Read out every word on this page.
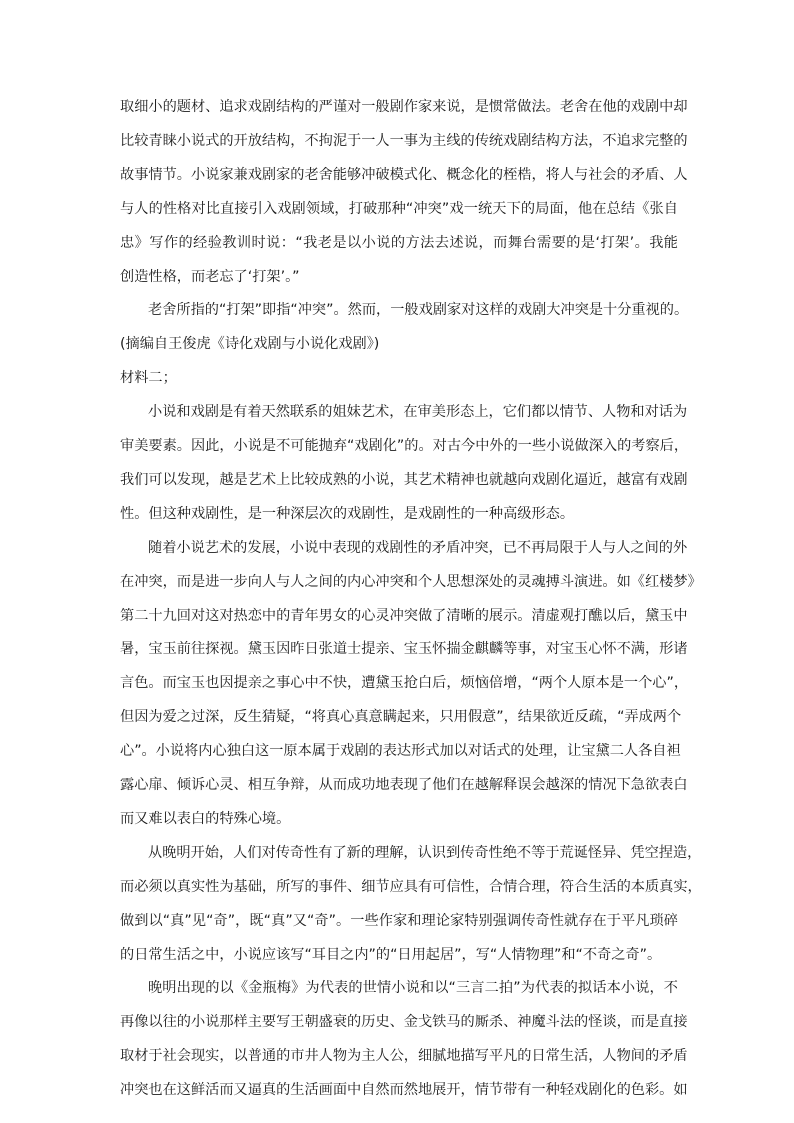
取细小的题材、追求戏剧结构的严谨对一般剧作家来说，是惯常做法。老舍在他的戏剧中却
比较青睐小说式的开放结构，不拘泥于一人一事为主线的传统戏剧结构方法，不追求完整的
故事情节。小说家兼戏剧家的老舍能够冲破模式化、概念化的桎梏，将人与社会的矛盾、人
与人的性格对比直接引入戏剧领域，打破那种“冲突”戏一统天下的局面，他在总结《张自
忠》写作的经验教训时说：“我老是以小说的方法去述说，而舞台需要的是‘打架’。我能
创造性格，而老忘了‘打架’。”
老舍所指的“打架”即指“冲突”。然而，一般戏剧家对这样的戏剧大冲突是十分重视的。
(摘编自王俊虎《诗化戏剧与小说化戏剧》)
材料二；
小说和戏剧是有着天然联系的姐妹艺术，在审美形态上，它们都以情节、人物和对话为
审美要素。因此，小说是不可能抛弃“戏剧化”的。对古今中外的一些小说做深入的考察后，
我们可以发现，越是艺术上比较成熟的小说，其艺术精神也就越向戏剧化逼近，越富有戏剧
性。但这种戏剧性，是一种深层次的戏剧性，是戏剧性的一种高级形态。
随着小说艺术的发展，小说中表现的戏剧性的矛盾冲突，已不再局限于人与人之间的外
在冲突，而是进一步向人与人之间的内心冲突和个人思想深处的灵魂搏斗演进。如《红楼梦》
第二十九回对这对热恋中的青年男女的心灵冲突做了清晰的展示。清虚观打醮以后，黛玉中
暑，宝玉前往探视。黛玉因昨日张道士提亲、宝玉怀揣金麒麟等事，对宝玉心怀不满，形诸
言色。而宝玉也因提亲之事心中不快，遭黛玉抢白后，烦恼倍增，“两个人原本是一个心”，
但因为爱之过深，反生猜疑，“将真心真意瞒起来，只用假意”，结果欲近反疏，“弄成两个
心”。小说将内心独白这一原本属于戏剧的表达形式加以对话式的处理，让宝黛二人各自袒
露心扉、倾诉心灵、相互争辩，从而成功地表现了他们在越解释误会越深的情况下急欲表白
而又难以表白的特殊心境。
从晚明开始，人们对传奇性有了新的理解，认识到传奇性绝不等于荒诞怪异、凭空捏造，
而必须以真实性为基础，所写的事件、细节应具有可信性，合情合理，符合生活的本质真实，
做到以“真”见“奇”，既“真”又“奇”。一些作家和理论家特别强调传奇性就存在于平凡琐碎
的日常生活之中，小说应该写“耳目之内”的“日用起居”，写“人情物理”和“不奇之奇”。
晚明出现的以《金瓶梅》为代表的世情小说和以“三言二拍”为代表的拟话本小说，不
再像以往的小说那样主要写王朝盛衰的历史、金戈铁马的厮杀、神魔斗法的怪谈，而是直接
取材于社会现实，以普通的市井人物为主人公，细腻地描写平凡的日常生活，人物间的矛盾
冲突也在这鲜活而又逼真的生活画面中自然而然地展开，情节带有一种轻戏剧化的色彩。如
